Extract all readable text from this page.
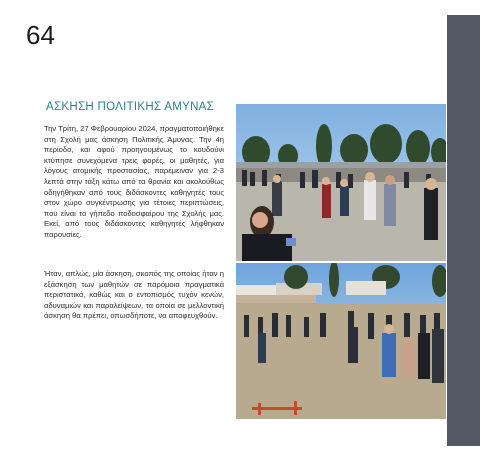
64
ΑΣΚΗΣΗ ΠΟΛΙΤΙΚΗΣ ΑΜΥΝΑΣ
Την Τρίτη, 27 Φεβρουαρίου 2024, πραγματοποιήθηκε στη Σχολή μας άσκηση Πολιτικής Άμυνας. Την 4η περίοδο, και αφού προηγουμένως το κουδούνι κτύπησε συνεχόμενα τρεις φορές, οι μαθητές, για λόγους ατομικής προστασίας, παρέμειναν για 2-3 λεπτά στην τάξη κάτω από τα θρανία και ακολούθως οδηγήθηκαν από τους διδάσκοντες καθηγητές τους στον χώρο συγκέντρωσης για τέτοιες περιπτώσεις, που είναι το γήπεδο ποδοσφαίρου της Σχολής μας. Εκεί, από τους διδάσκοντες καθηγητές λήφθηκαν παρουσίες.
Ήταν, απλώς, μία άσκηση, σκοπός της οποίας ήταν η εξάσκηση των μαθητών σε παρόμοια πραγματικά περιστατικά, καθώς και ο εντοπισμός τυχόν κενών, αδυναμιών και παραλείψεων, τα οποία σε μελλοντική άσκηση θα πρέπει, οπωσδήποτε, να αποφευχθούν.
